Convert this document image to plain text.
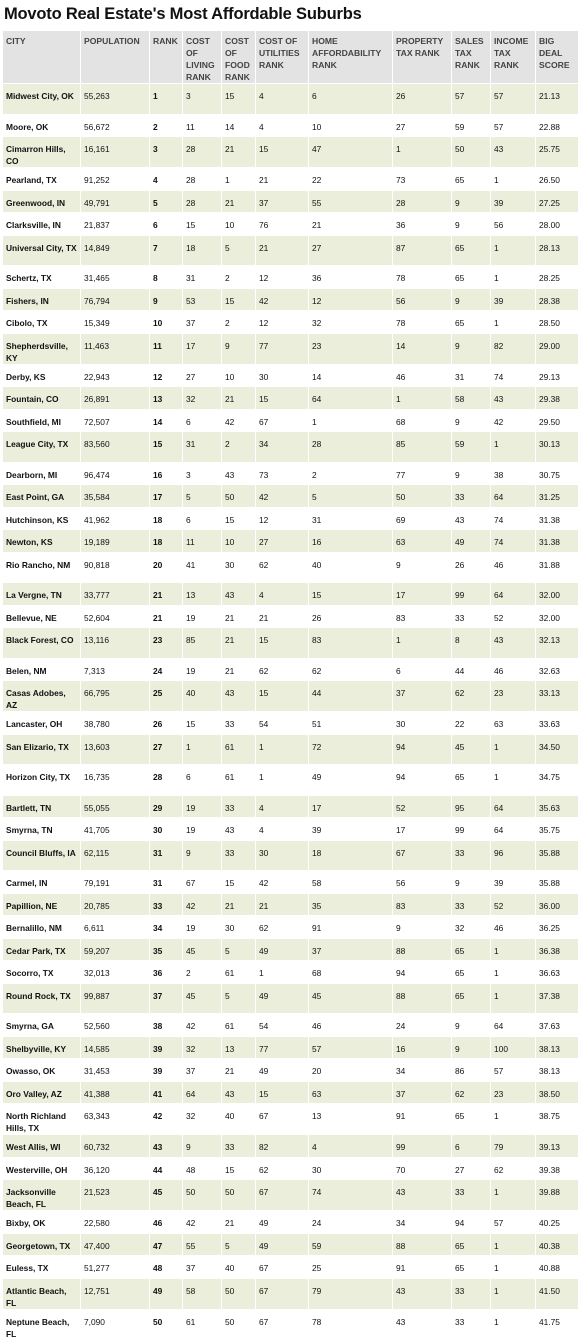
Movoto Real Estate's Most Affordable Suburbs
CITY	POPULATION	RANK	COST OF LIVING RANK	COST OF FOOD RANK	COST OF UTILITIES RANK	HOME AFFORDABILITY RANK	PROPERTY TAX RANK	SALES TAX RANK	INCOME TAX RANK	BIG DEAL SCORE

Midwest City, OK	55,263	1	3	15	4	6	26	57	57	21.13

Moore, OK	56,672	2	11	14	4	10	27	59	57	22.88

Cimarron Hills, CO	16,161	3	28	21	15	47	1	50	43	25.75

Pearland, TX	91,252	4	28	1	21	22	73	65	1	26.50

Greenwood, IN	49,791	5	28	21	37	55	28	9	39	27.25

Clarksville, IN	21,837	6	15	10	76	21	36	9	56	28.00

Universal City, TX	14,849	7	18	5	21	27	87	65	1	28.13

Schertz, TX	31,465	8	31	2	12	36	78	65	1	28.25

Fishers, IN	76,794	9	53	15	42	12	56	9	39	28.38

Cibolo, TX	15,349	10	37	2	12	32	78	65	1	28.50

Shepherdsville, KY	11,463	11	17	9	77	23	14	9	82	29.00

Derby, KS	22,943	12	27	10	30	14	46	31	74	29.13

Fountain, CO	26,891	13	32	21	15	64	1	58	43	29.38

Southfield, MI	72,507	14	6	42	67	1	68	9	42	29.50

League City, TX	83,560	15	31	2	34	28	85	59	1	30.13

Dearborn, MI	96,474	16	3	43	73	2	77	9	38	30.75

East Point, GA	35,584	17	5	50	42	5	50	33	64	31.25

Hutchinson, KS	41,962	18	6	15	12	31	69	43	74	31.38

Newton, KS	19,189	18	11	10	27	16	63	49	74	31.38

Rio Rancho, NM	90,818	20	41	30	62	40	9	26	46	31.88

La Vergne, TN	33,777	21	13	43	4	15	17	99	64	32.00

Bellevue, NE	52,604	21	19	21	21	26	83	33	52	32.00

Black Forest, CO	13,116	23	85	21	15	83	1	8	43	32.13

Belen, NM	7,313	24	19	21	62	62	6	44	46	32.63

Casas Adobes, AZ	66,795	25	40	43	15	44	37	62	23	33.13

Lancaster, OH	38,780	26	15	33	54	51	30	22	63	33.63

San Elizario, TX	13,603	27	1	61	1	72	94	45	1	34.50

Horizon City, TX	16,735	28	6	61	1	49	94	65	1	34.75

Bartlett, TN	55,055	29	19	33	4	17	52	95	64	35.63

Smyrna, TN	41,705	30	19	43	4	39	17	99	64	35.75

Council Bluffs, IA	62,115	31	9	33	30	18	67	33	96	35.88

Carmel, IN	79,191	31	67	15	42	58	56	9	39	35.88

Papillion, NE	20,785	33	42	21	21	35	83	33	52	36.00

Bernalillo, NM	6,611	34	19	30	62	91	9	32	46	36.25

Cedar Park, TX	59,207	35	45	5	49	37	88	65	1	36.38

Socorro, TX	32,013	36	2	61	1	68	94	65	1	36.63

Round Rock, TX	99,887	37	45	5	49	45	88	65	1	37.38

Smyrna, GA	52,560	38	42	61	54	46	24	9	64	37.63

Shelbyville, KY	14,585	39	32	13	77	57	16	9	100	38.13

Owasso, OK	31,453	39	37	21	49	20	34	86	57	38.13

Oro Valley, AZ	41,388	41	64	43	15	63	37	62	23	38.50

North Richland Hills, TX	63,343	42	32	40	67	13	91	65	1	38.75

West Allis, WI	60,732	43	9	33	82	4	99	6	79	39.13

Westerville, OH	36,120	44	48	15	62	30	70	27	62	39.38

Jacksonville Beach, FL	21,523	45	50	50	67	74	43	33	1	39.88

Bixby, OK	22,580	46	42	21	49	24	34	94	57	40.25

Georgetown, TX	47,400	47	55	5	49	59	88	65	1	40.38

Euless, TX	51,277	48	37	40	67	25	91	65	1	40.88

Atlantic Beach, FL	12,751	49	58	50	67	79	43	33	1	41.50

Neptune Beach, FL	7,090	50	61	50	67	78	43	33	1	41.75
